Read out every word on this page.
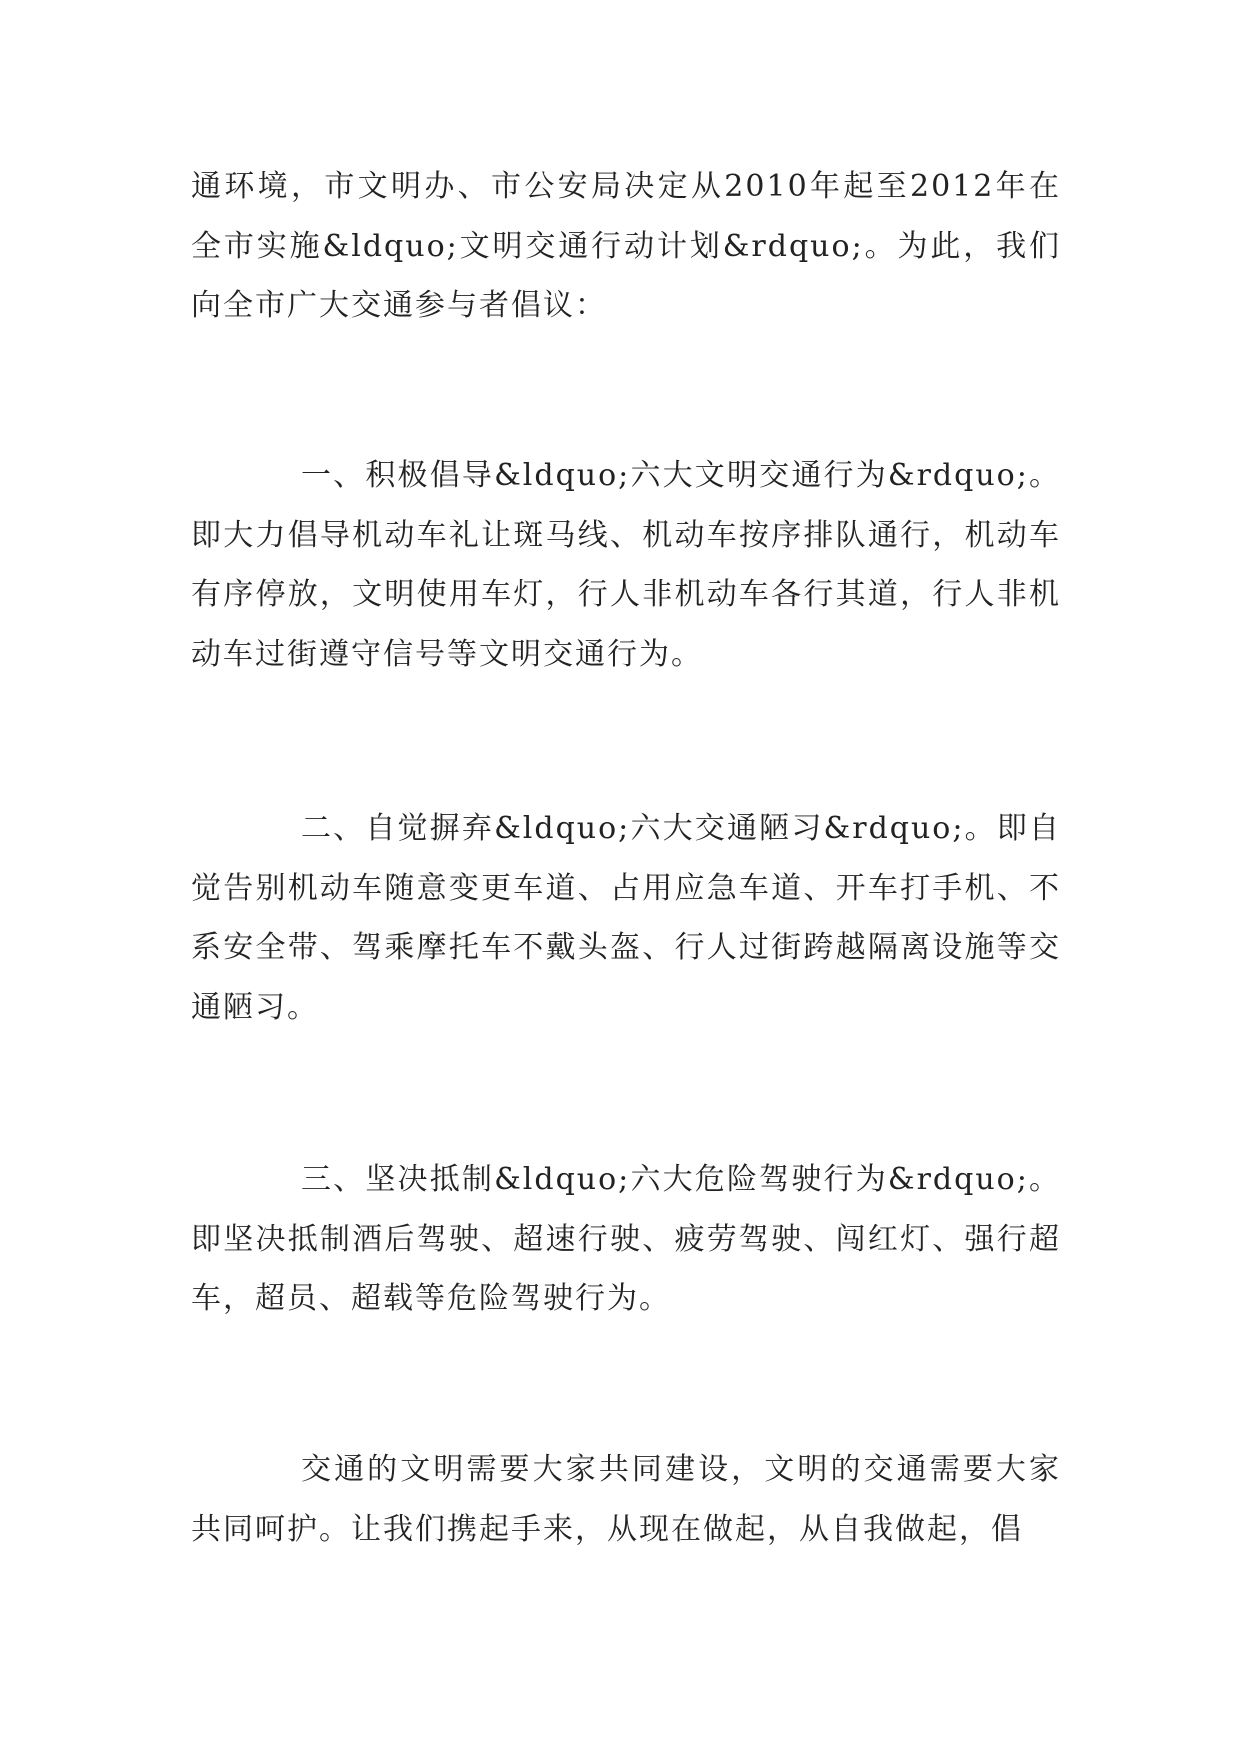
通环境，市文明办、市公安局决定从2010年起至2012年在全市实施&ldquo;文明交通行动计划&rdquo;。为此，我们向全市广大交通参与者倡议：

一、积极倡导&ldquo;六大文明交通行为&rdquo;。即大力倡导机动车礼让斑马线、机动车按序排队通行，机动车有序停放，文明使用车灯，行人非机动车各行其道，行人非机动车过街遵守信号等文明交通行为。

二、自觉摒弃&ldquo;六大交通陋习&rdquo;。即自觉告别机动车随意变更车道、占用应急车道、开车打手机、不系安全带、驾乘摩托车不戴头盔、行人过街跨越隔离设施等交通陋习。

三、坚决抵制&ldquo;六大危险驾驶行为&rdquo;。即坚决抵制酒后驾驶、超速行驶、疲劳驾驶、闯红灯、强行超车，超员、超载等危险驾驶行为。

交通的文明需要大家共同建设，文明的交通需要大家共同呵护。让我们携起手来，从现在做起，从自我做起，倡
